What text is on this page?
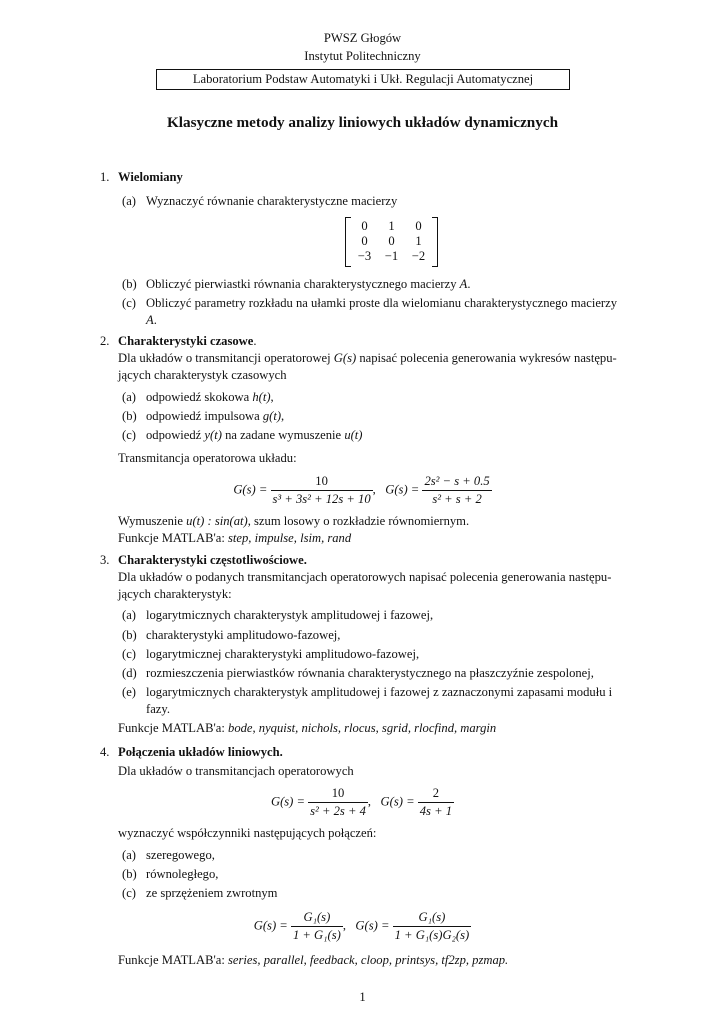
PWSZ Głogów
Instytut Politechniczny
Laboratorium Podstaw Automatyki i Ukł. Regulacji Automatycznej
Klasyczne metody analizy liniowych układów dynamicznych
1. Wielomiany
(a) Wyznaczyć równanie charakterystyczne macierzy
0	1	0
0	0	1
−3	−1	−2
(b) Obliczyć pierwiastki równania charakterystycznego macierzy A.
(c) Obliczyć parametry rozkładu na ułamki proste dla wielomianu charakterystycznego macierzy
A.
2. Charakterystyki czasowe.
Dla układów o transmitancji operatorowej G(s) napisać polecenia generowania wykresów następu-
jących charakterystyk czasowych
(a) odpowiedź skokowa h(t),
(b) odpowiedź impulsowa g(t),
(c) odpowiedź y(t) na zadane wymuszenie u(t)
Transmitancja operatorowa układu:
$G(s) = \frac{10}{\text{s³ + 3s² + 12s + 10}}$ , $G(s) = \frac{\text{2s² − s + 0.5}}{\text{s² + s + 2}}$
Wymuszenie u(t) : sin(at), szum losowy o rozkładzie równomiernym.
Funkcje MATLAB'a: step, impulse, lsim, rand
3. Charakterystyki częstotliwościowe.
Dla układów o podanych transmitancjach operatorowych napisać polecenia generowania następu-
jących charakterystyk:
(a) logarytmicznych charakterystyk amplitudowej i fazowej,
(b) charakterystyki amplitudowo-fazowej,
(c) logarytmicznej charakterystyki amplitudowo-fazowej,
(d) rozmieszczenia pierwiastków równania charakterystycznego na płaszczyźnie zespolonej,
(e) logarytmicznych charakterystyk amplitudowej i fazowej z zaznaczonymi zapasami modułu i
fazy.
Funkcje MATLAB'a: bode, nyquist, nichols, rlocus, sgrid, rlocfind, margin
4. Połączenia układów liniowych.
Dla układów o transmitancjach operatorowych
$G(s) = \frac{10}{\text{s² + 2s + 4}}$ , $G(s) = \frac{2}{4s + 1}$
wyznaczyć współczynniki następujących połączeń:
(a) szeregowego,
(b) równoległego,
(c) ze sprzężeniem zwrotnym
$G(s) = \frac{\text{G₁(s)}}{\text{1 + G₁(s)}}$ , $G(s) = \frac{\text{G₁(s)}}{\text{1 + G₁(s)G₂(s)}}$
Funkcje MATLAB'a: series, parallel, feedback, cloop, printsys, tf2zp, pzmap.
1
